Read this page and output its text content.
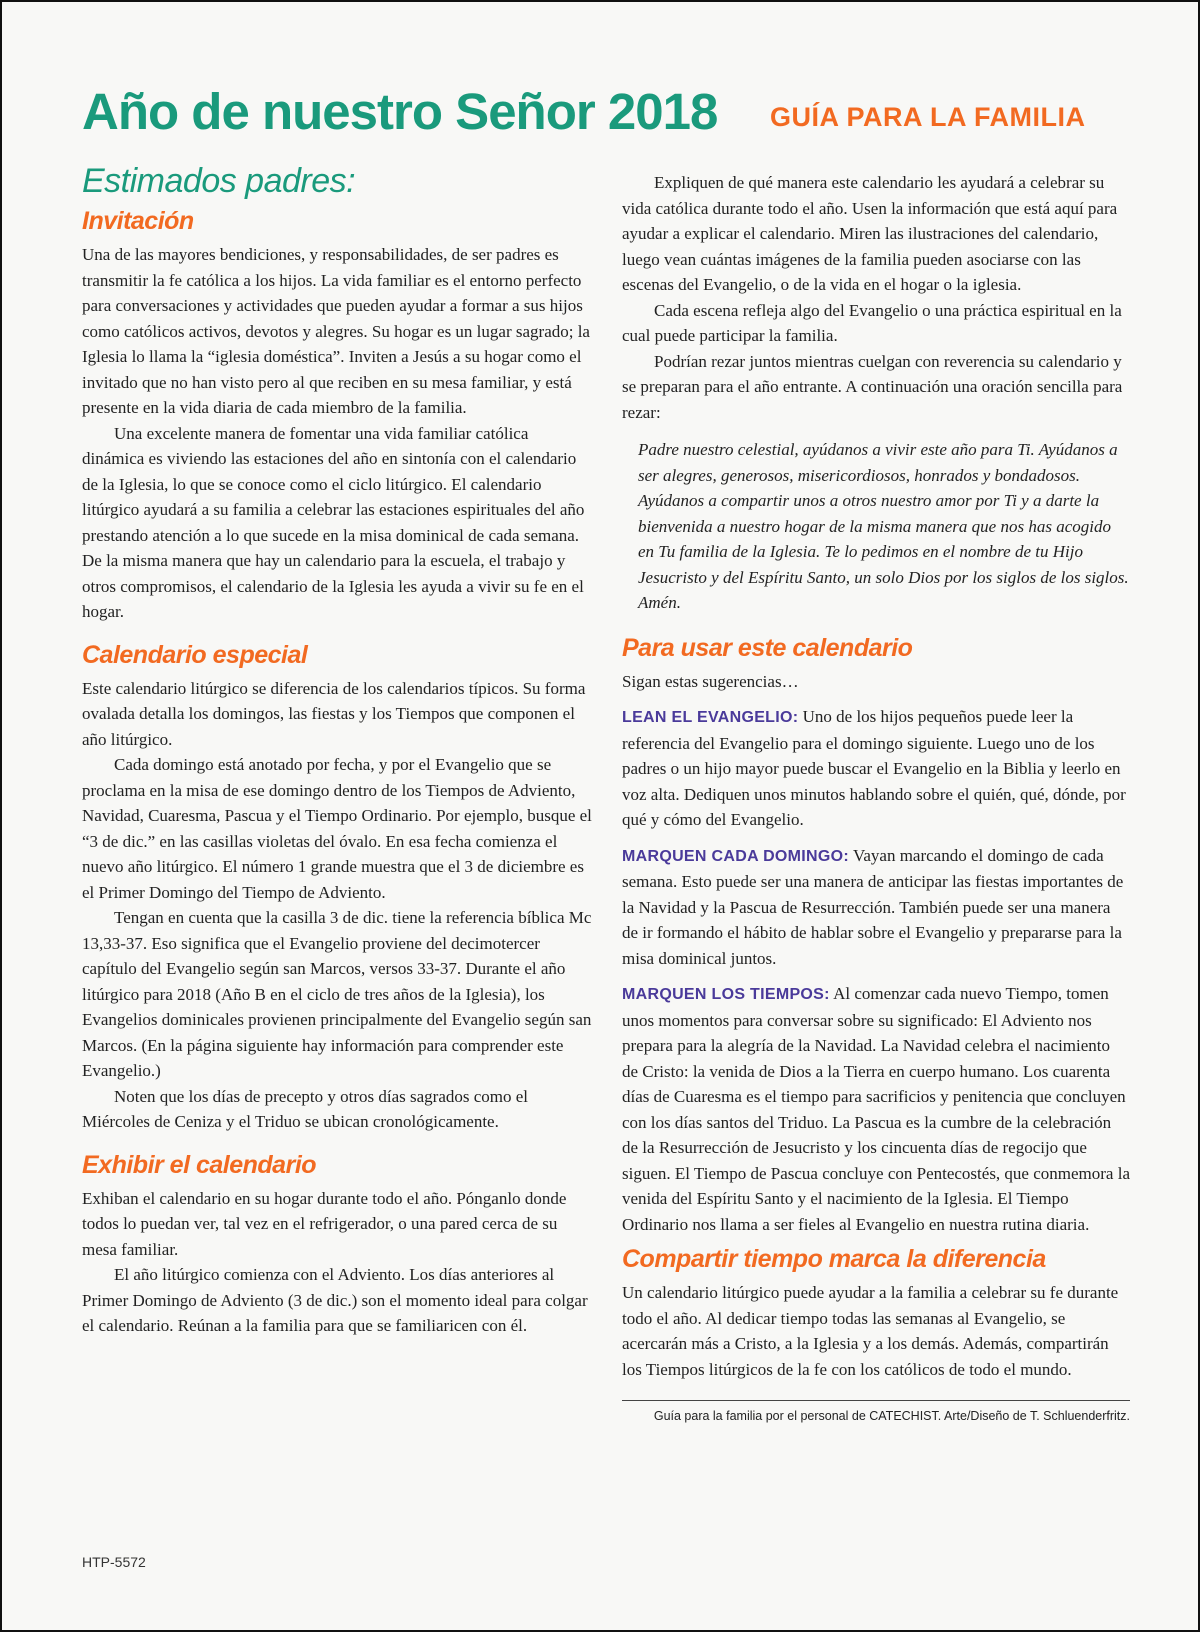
Año de nuestro Señor 2018 GUÍA PARA LA FAMILIA
Estimados padres:
Invitación

Una de las mayores bendiciones, y responsabilidades, de ser padres es transmitir la fe católica a los hijos. La vida familiar es el entorno perfecto para conversaciones y actividades que pueden ayudar a formar a sus hijos como católicos activos, devotos y alegres. Su hogar es un lugar sagrado; la Iglesia lo llama la “iglesia doméstica”. Inviten a Jesús a su hogar como el invitado que no han visto pero al que reciben en su mesa familiar, y está presente en la vida diaria de cada miembro de la familia.

Una excelente manera de fomentar una vida familiar católica dinámica es viviendo las estaciones del año en sintonía con el calendario de la Iglesia, lo que se conoce como el ciclo litúrgico. El calendario litúrgico ayudará a su familia a celebrar las estaciones espirituales del año prestando atención a lo que sucede en la misa dominical de cada semana. De la misma manera que hay un calendario para la escuela, el trabajo y otros compromisos, el calendario de la Iglesia les ayuda a vivir su fe en el hogar.

Calendario especial

Este calendario litúrgico se diferencia de los calendarios típicos. Su forma ovalada detalla los domingos, las fiestas y los Tiempos que componen el año litúrgico.

Cada domingo está anotado por fecha, y por el Evangelio que se proclama en la misa de ese domingo dentro de los Tiempos de Adviento, Navidad, Cuaresma, Pascua y el Tiempo Ordinario. Por ejemplo, busque el “3 de dic.” en las casillas violetas del óvalo. En esa fecha comienza el nuevo año litúrgico. El número 1 grande muestra que el 3 de diciembre es el Primer Domingo del Tiempo de Adviento.

Tengan en cuenta que la casilla 3 de dic. tiene la referencia bíblica Mc 13,33-37. Eso significa que el Evangelio proviene del decimotercer capítulo del Evangelio según san Marcos, versos 33-37. Durante el año litúrgico para 2018 (Año B en el ciclo de tres años de la Iglesia), los Evangelios dominicales provienen principalmente del Evangelio según san Marcos. (En la página siguiente hay información para comprender este Evangelio.)

Noten que los días de precepto y otros días sagrados como el Miércoles de Ceniza y el Triduo se ubican cronológicamente.

Exhibir el calendario

Exhiban el calendario en su hogar durante todo el año. Pónganlo donde todos lo puedan ver, tal vez en el refrigerador, o una pared cerca de su mesa familiar.

El año litúrgico comienza con el Adviento. Los días anteriores al Primer Domingo de Adviento (3 de dic.) son el momento ideal para colgar el calendario. Reúnan a la familia para que se familiaricen con él.

Expliquen de qué manera este calendario les ayudará a celebrar su vida católica durante todo el año. Usen la información que está aquí para ayudar a explicar el calendario. Miren las ilustraciones del calendario, luego vean cuántas imágenes de la familia pueden asociarse con las escenas del Evangelio, o de la vida en el hogar o la iglesia.

Cada escena refleja algo del Evangelio o una práctica espiritual en la cual puede participar la familia.

Podrían rezar juntos mientras cuelgan con reverencia su calendario y se preparan para el año entrante. A continuación una oración sencilla para rezar:

Padre nuestro celestial, ayúdanos a vivir este año para Ti. Ayúdanos a ser alegres, generosos, misericordiosos, honrados y bondadosos. Ayúdanos a compartir unos a otros nuestro amor por Ti y a darte la bienvenida a nuestro hogar de la misma manera que nos has acogido en Tu familia de la Iglesia. Te lo pedimos en el nombre de tu Hijo Jesucristo y del Espíritu Santo, un solo Dios por los siglos de los siglos. Amén.

Para usar este calendario

Sigan estas sugerencias…

LEAN EL EVANGELIO: Uno de los hijos pequeños puede leer la referencia del Evangelio para el domingo siguiente. Luego uno de los padres o un hijo mayor puede buscar el Evangelio en la Biblia y leerlo en voz alta. Dediquen unos minutos hablando sobre el quién, qué, dónde, por qué y cómo del Evangelio.

MARQUEN CADA DOMINGO: Vayan marcando el domingo de cada semana. Esto puede ser una manera de anticipar las fiestas importantes de la Navidad y la Pascua de Resurrección. También puede ser una manera de ir formando el hábito de hablar sobre el Evangelio y prepararse para la misa dominical juntos.

MARQUEN LOS TIEMPOS: Al comenzar cada nuevo Tiempo, tomen unos momentos para conversar sobre su significado: El Adviento nos prepara para la alegría de la Navidad. La Navidad celebra el nacimiento de Cristo: la venida de Dios a la Tierra en cuerpo humano. Los cuarenta días de Cuaresma es el tiempo para sacrificios y penitencia que concluyen con los días santos del Triduo. La Pascua es la cumbre de la celebración de la Resurrección de Jesucristo y los cincuenta días de regocijo que siguen. El Tiempo de Pascua concluye con Pentecostés, que conmemora la venida del Espíritu Santo y el nacimiento de la Iglesia. El Tiempo Ordinario nos llama a ser fieles al Evangelio en nuestra rutina diaria.

Compartir tiempo marca la diferencia

Un calendario litúrgico puede ayudar a la familia a celebrar su fe durante todo el año. Al dedicar tiempo todas las semanas al Evangelio, se acercarán más a Cristo, a la Iglesia y a los demás. Además, compartirán los Tiempos litúrgicos de la fe con los católicos de todo el mundo.

Guía para la familia por el personal de CATECHIST. Arte/Diseño de T. Schluenderfritz.
HTP-5572
